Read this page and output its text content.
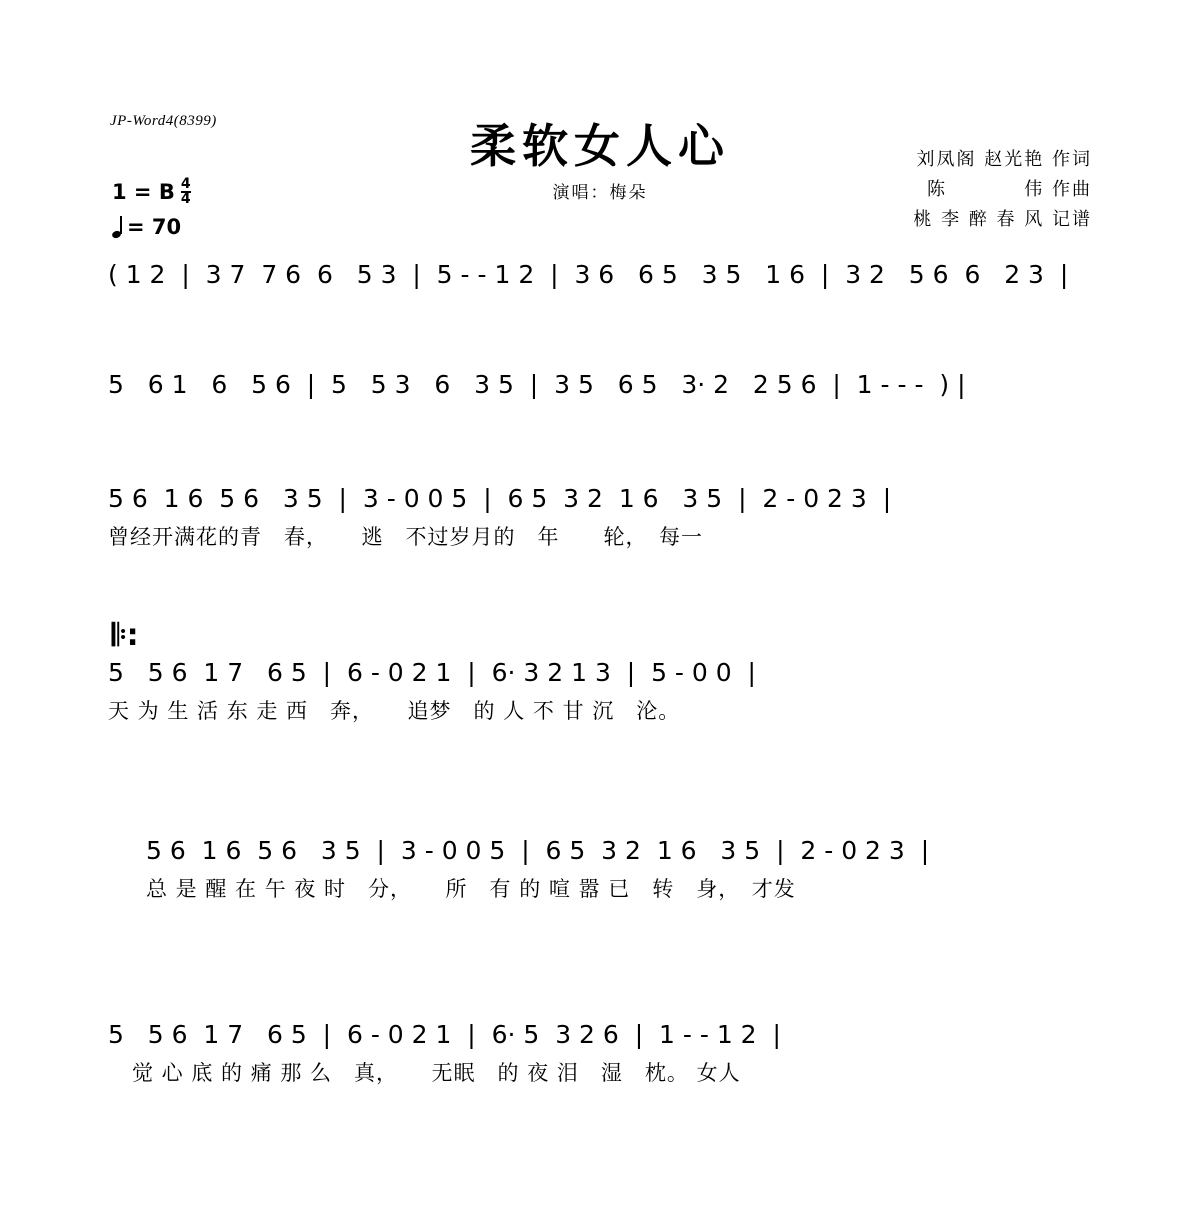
JP-Word4(8399)	柔软女人心
演唱：梅朵
刘凤阁 赵光艳 作词
陈          伟 作曲
桃 李 醉 春 风 记谱
1 = B $\frac{4}{4}$
= 70
( 1 2  |  3 7  7 6  6   5 3  |  5 - - 1 2  |  3 6   6 5   3 5   1 6  |  3 2   5 6  6   2 3  |
5   6 1   6   5 6  |  5   5 3   6   3 5  |  3 5   6 5   3· 2   2 5 6  |  1 - - -  ) |
5 6  1 6  5 6   3 5  |  3 - 0 0 5  |  6 5  3 2  1 6   3 5  |  2 - 0 2 3  |
曾经开满花的青　春，　　逃　不过岁月的　年　　轮，　每一
5   5 6  1 7   6 5  |  6 - 0 2 1  |  6· 3 2 1 3  |  5 - 0 0  |
天 为 生 活 东 走 西　奔，　　追梦　的 人 不 甘 沉　沦。
𝄆:
5 6  1 6  5 6   3 5  |  3 - 0 0 5  |  6 5  3 2  1 6   3 5  |  2 - 0 2 3  |
总 是 醒 在 午 夜 时　分，　　所　有 的 喧 嚣 已　转　身，　才发
5   5 6  1 7   6 5  |  6 - 0 2 1  |  6· 5  3 2 6  |  1 - - 1 2  |
觉 心 底 的 痛 那 么　真，　　无眠　的 夜 泪　湿　枕。 女人
